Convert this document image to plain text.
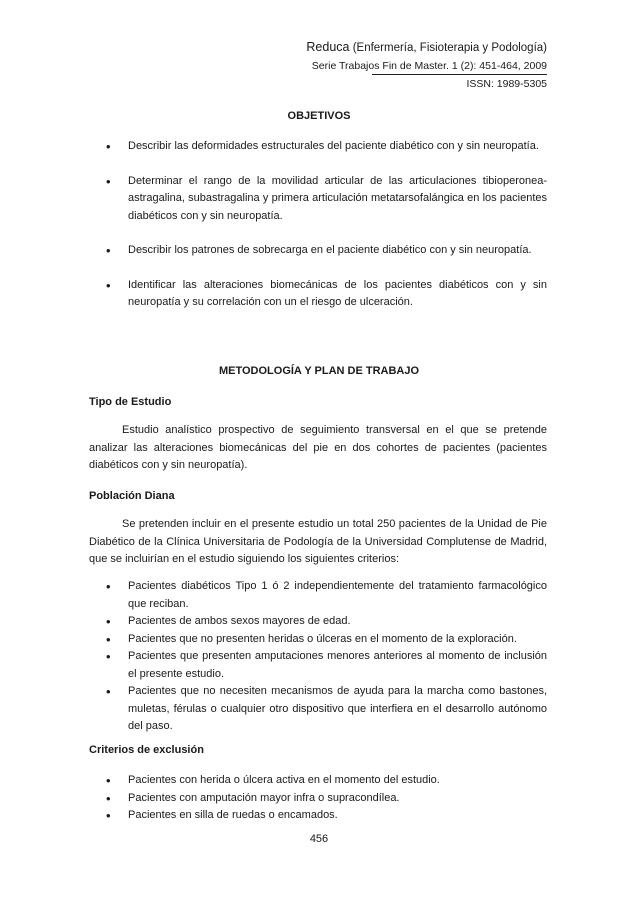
Reduca (Enfermería, Fisioterapia y Podología)
Serie Trabajos Fin de Master. 1 (2): 451-464, 2009
ISSN: 1989-5305
OBJETIVOS
• Describir las deformidades estructurales del paciente diabético con y sin neuropatía.
• Determinar el rango de la movilidad articular de las articulaciones tibioperonea-astragalina, subastragalina y primera articulación metatarsofalángica en los pacientes diabéticos con y sin neuropatía.
• Describir los patrones de sobrecarga en el paciente diabético con y sin neuropatía.
• Identificar las alteraciones biomecánicas de los pacientes diabéticos con y sin neuropatía y su correlación con un el riesgo de ulceración.
METODOLOGÍA Y PLAN DE TRABAJO
Tipo de Estudio

Estudio analístico prospectivo de seguimiento transversal en el que se pretende analizar las alteraciones biomecánicas del pie en dos cohortes de pacientes (pacientes diabéticos con y sin neuropatía).

Población Diana

Se pretenden incluir en el presente estudio un total 250 pacientes de la Unidad de Pie Diabético de la Clínica Universitaria de Podología de la Universidad Complutense de Madrid, que se incluirían en el estudio siguiendo los siguientes criterios:

• Pacientes diabéticos Tipo 1 ó 2 independientemente del tratamiento farmacológico que reciban.
• Pacientes de ambos sexos mayores de edad.
• Pacientes que no presenten heridas o úlceras en el momento de la exploración.
• Pacientes que presenten amputaciones menores anteriores al momento de inclusión el presente estudio.
• Pacientes que no necesiten mecanismos de ayuda para la marcha como bastones, muletas, férulas o cualquier otro dispositivo que interfiera en el desarrollo autónomo del paso.
Criterios de exclusión
• Pacientes con herida o úlcera activa en el momento del estudio.
• Pacientes con amputación mayor infra o supracondílea.
• Pacientes en silla de ruedas o encamados.
456
